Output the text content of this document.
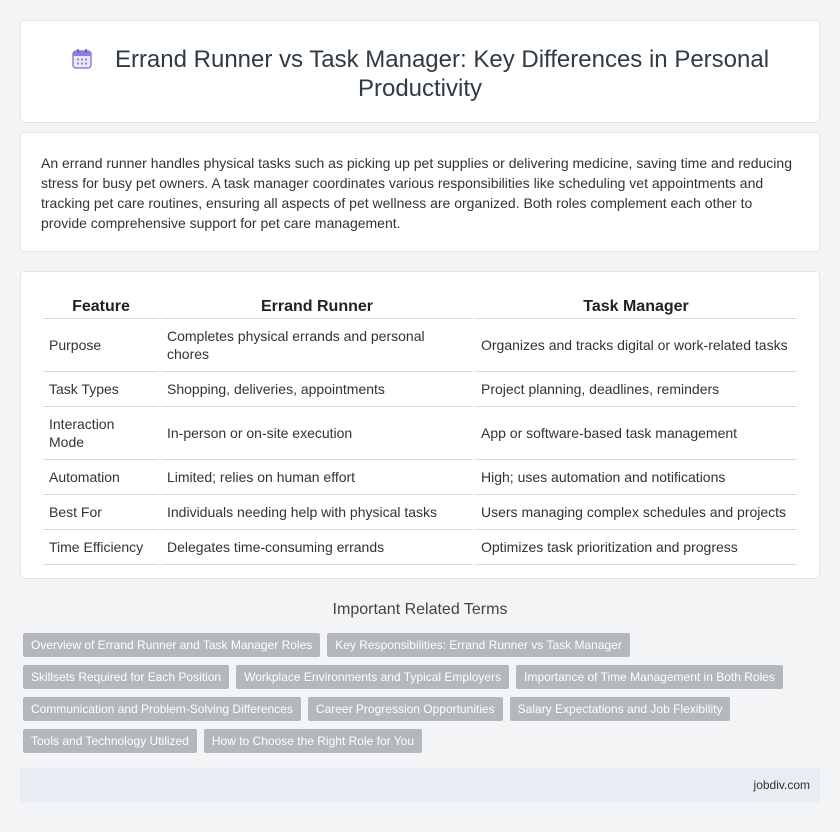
Errand Runner vs Task Manager: Key Differences in Personal Productivity

An errand runner handles physical tasks such as picking up pet supplies or delivering medicine, saving time and reducing stress for busy pet owners. A task manager coordinates various responsibilities like scheduling vet appointments and tracking pet care routines, ensuring all aspects of pet wellness are organized. Both roles complement each other to provide comprehensive support for pet care management.

Feature	Errand Runner	Task Manager
Purpose	Completes physical errands and personal chores	Organizes and tracks digital or work-related tasks
Task Types	Shopping, deliveries, appointments	Project planning, deadlines, reminders
Interaction Mode	In-person or on-site execution	App or software-based task management
Automation	Limited; relies on human effort	High; uses automation and notifications
Best For	Individuals needing help with physical tasks	Users managing complex schedules and projects
Time Efficiency	Delegates time-consuming errands	Optimizes task prioritization and progress
Important Related Terms
Overview of Errand Runner and Task Manager Roles	Key Responsibilities: Errand Runner vs Task Manager
Skillsets Required for Each Position	Workplace Environments and Typical Employers	Importance of Time Management in Both Roles
Communication and Problem-Solving Differences	Career Progression Opportunities	Salary Expectations and Job Flexibility
Tools and Technology Utilized	How to Choose the Right Role for You
jobdiv.com
